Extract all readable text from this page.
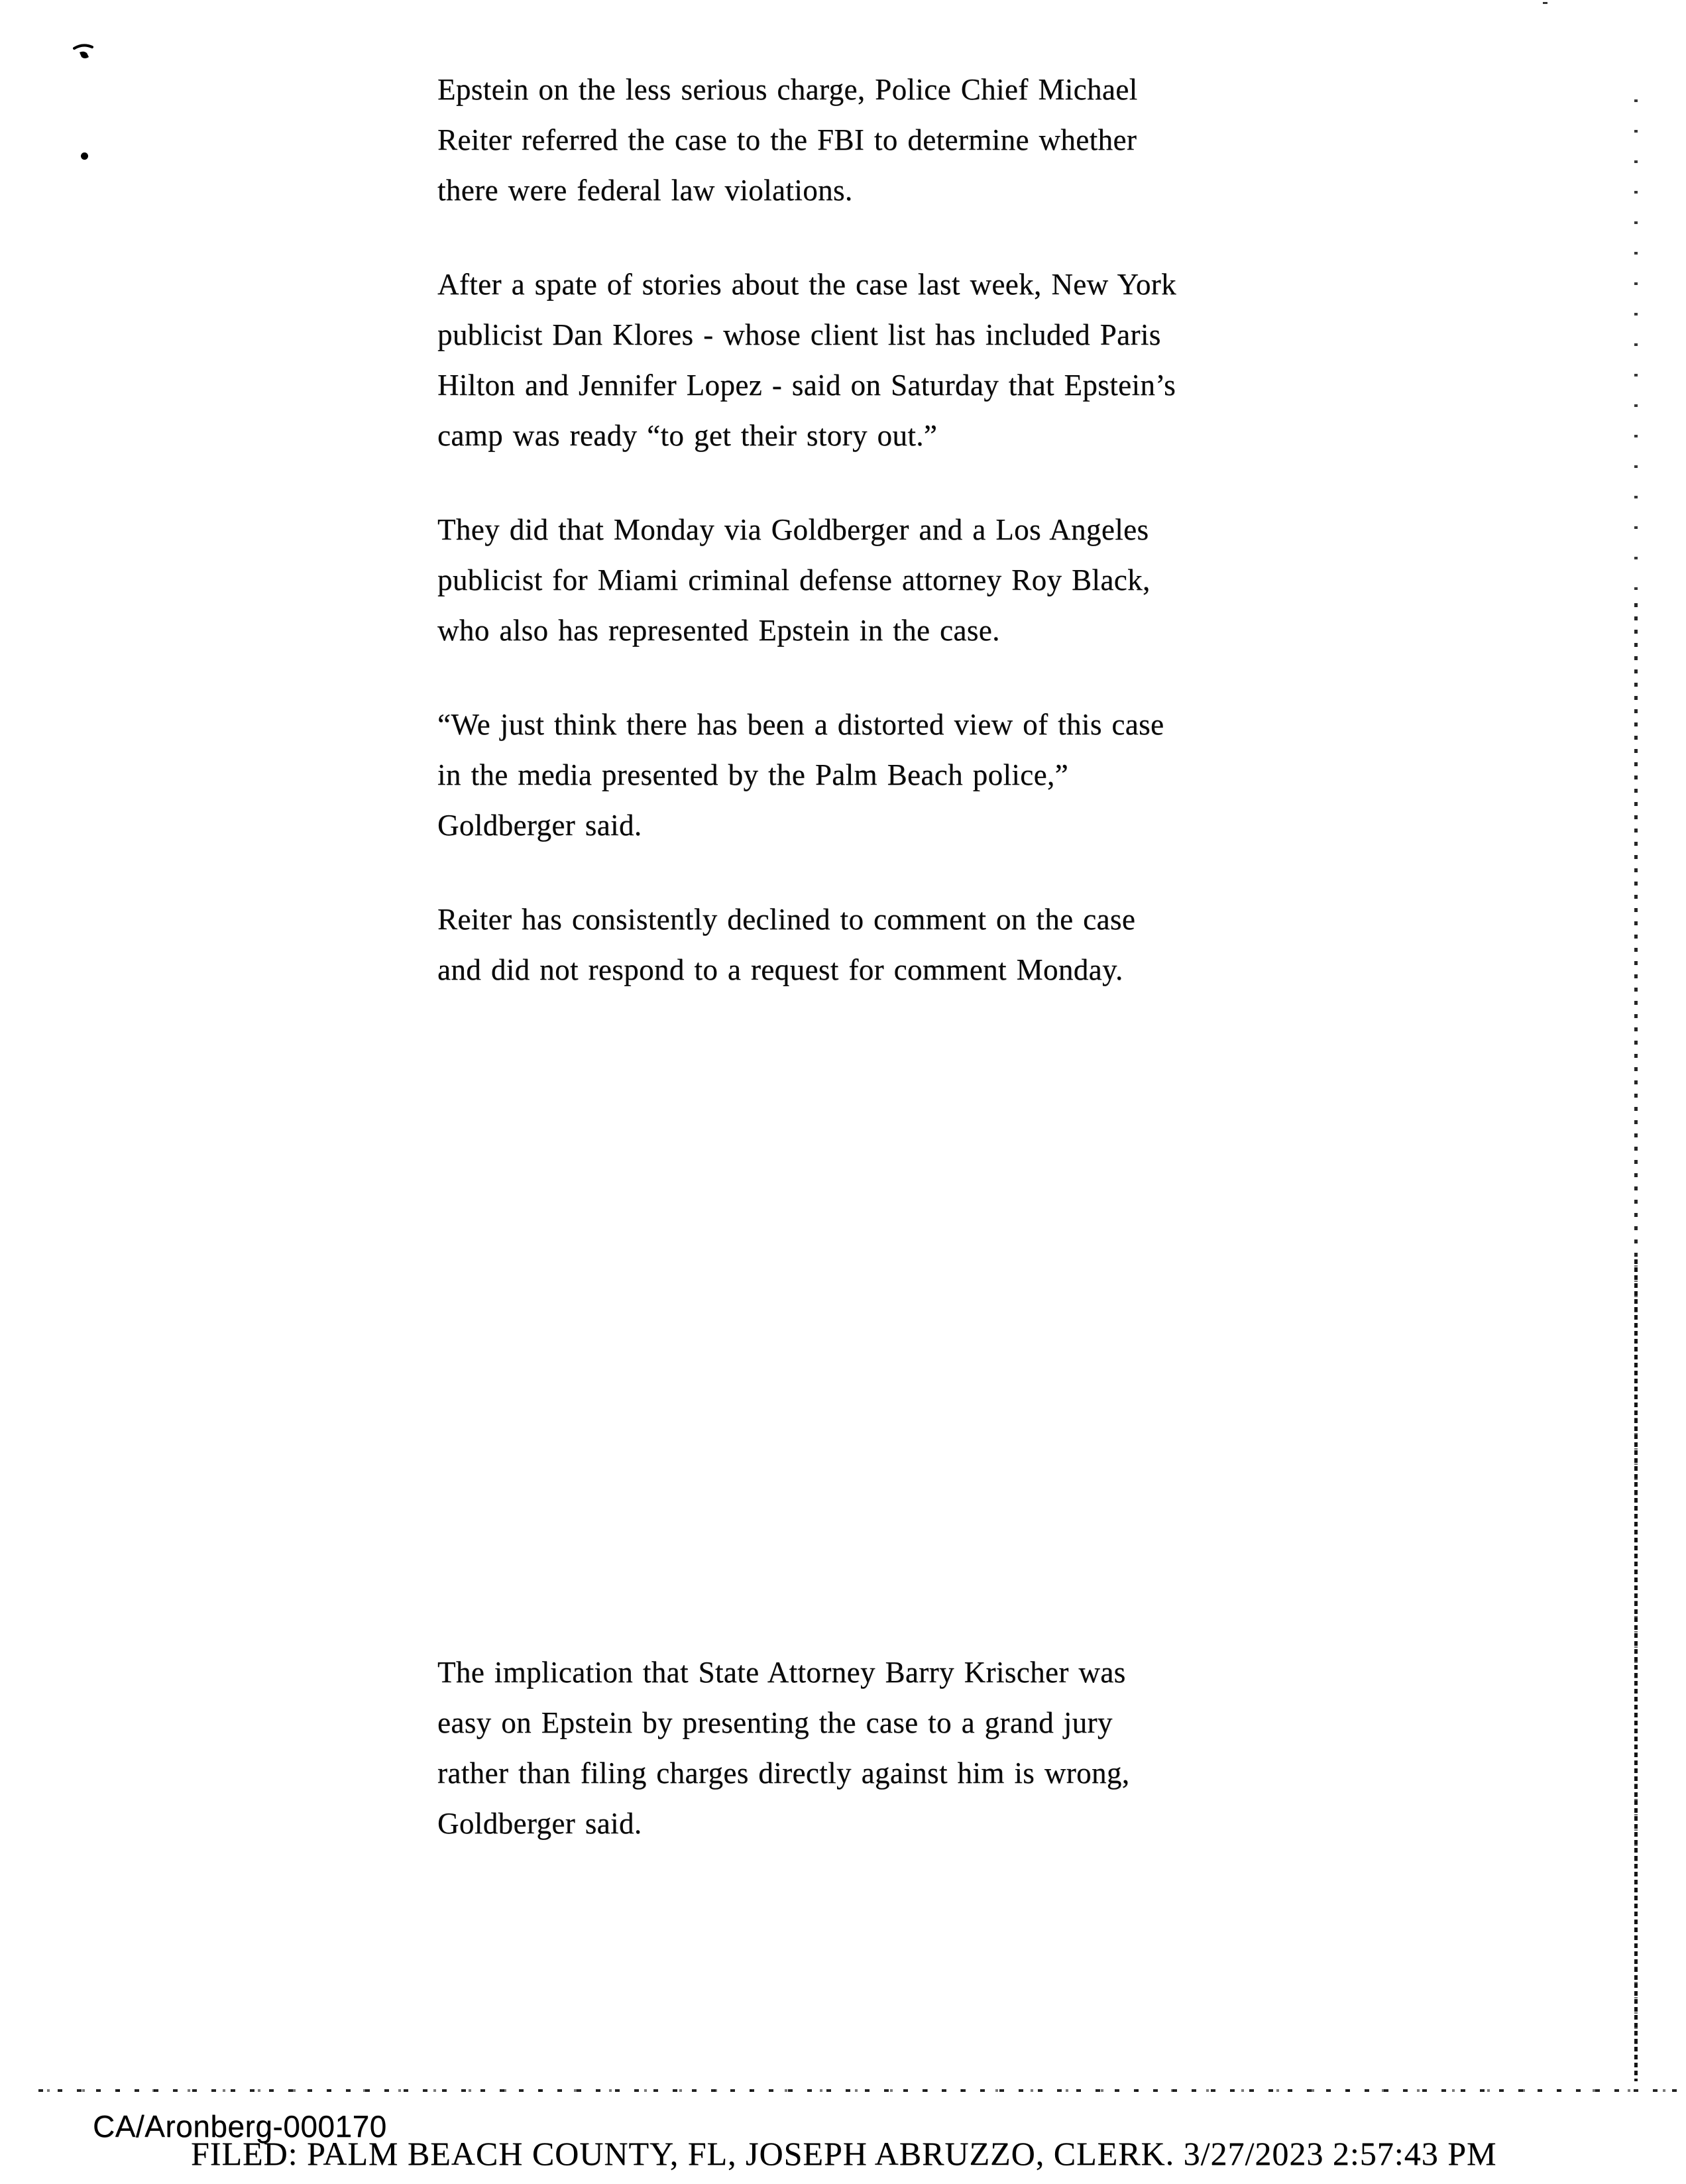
Epstein on the less serious charge, Police Chief Michael
Reiter referred the case to the FBI to determine whether
there were federal law violations.
After a spate of stories about the case last week, New York
publicist Dan Klores - whose client list has included Paris
Hilton and Jennifer Lopez - said on Saturday that Epstein’s
camp was ready “to get their story out.”
They did that Monday via Goldberger and a Los Angeles
publicist for Miami criminal defense attorney Roy Black,
who also has represented Epstein in the case.
“We just think there has been a distorted view of this case
in the media presented by the Palm Beach police,”
Goldberger said.
Reiter has consistently declined to comment on the case
and did not respond to a request for comment Monday.
The implication that State Attorney Barry Krischer was
easy on Epstein by presenting the case to a grand jury
rather than filing charges directly against him is wrong,
Goldberger said.
CA/Aronberg-000170
FILED: PALM BEACH COUNTY, FL, JOSEPH ABRUZZO, CLERK. 3/27/2023 2:57:43 PM
